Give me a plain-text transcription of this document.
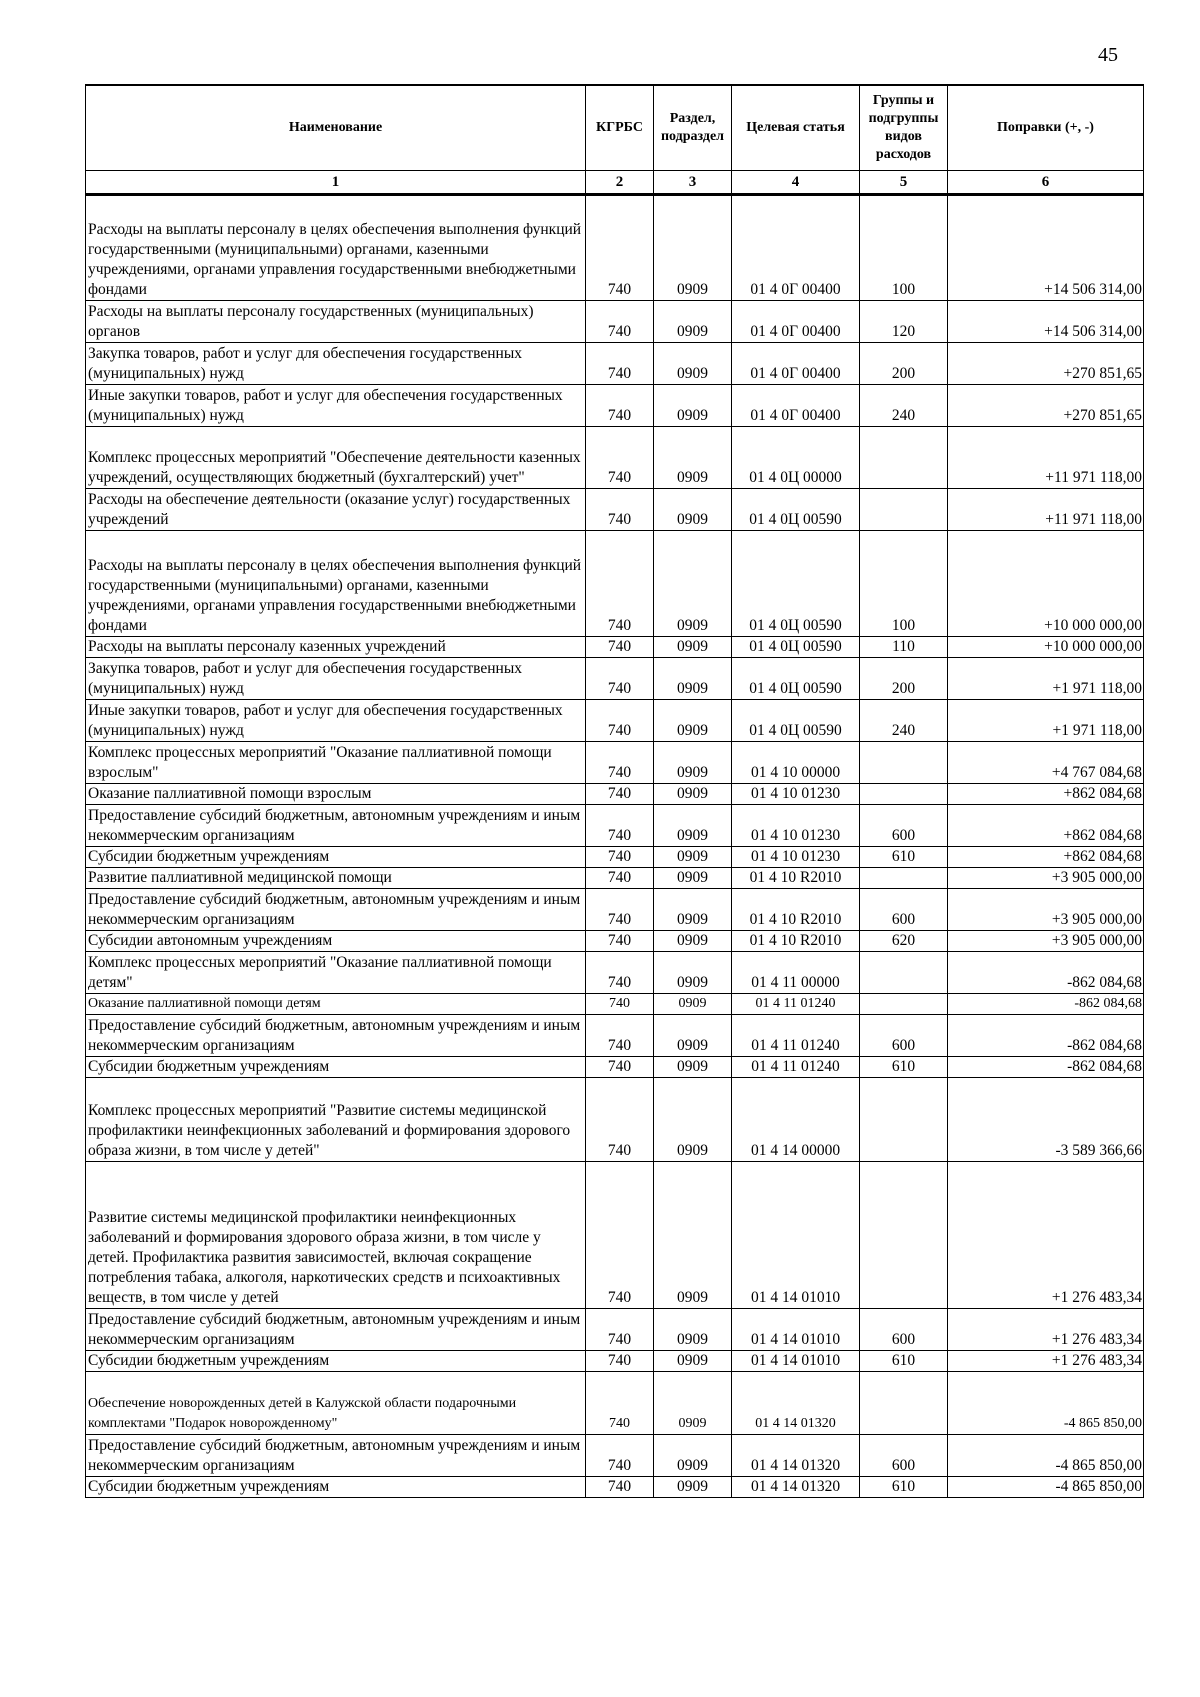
45
Наименование	КГРБС	Раздел, подраздел	Целевая статья	Группы и подгруппы видов расходов	Поправки (+, -)
1	2	3	4	5	6
Расходы на выплаты персоналу в целях обеспечения выполнения функций государственными (муниципальными) органами, казенными учреждениями, органами управления государственными внебюджетными фондами	740	0909	01 4 0Г 00400	100	+14 506 314,00
Расходы на выплаты персоналу государственных (муниципальных) органов	740	0909	01 4 0Г 00400	120	+14 506 314,00
Закупка товаров, работ и услуг для обеспечения государственных (муниципальных) нужд	740	0909	01 4 0Г 00400	200	+270 851,65
Иные закупки товаров, работ и услуг для обеспечения государственных (муниципальных) нужд	740	0909	01 4 0Г 00400	240	+270 851,65
Комплекс процессных мероприятий "Обеспечение деятельности казенных учреждений, осуществляющих бюджетный (бухгалтерский) учет"	740	0909	01 4 0Ц 00000		+11 971 118,00
Расходы на обеспечение деятельности (оказание услуг) государственных учреждений	740	0909	01 4 0Ц 00590		+11 971 118,00
Расходы на выплаты персоналу в целях обеспечения выполнения функций государственными (муниципальными) органами, казенными учреждениями, органами управления государственными внебюджетными фондами	740	0909	01 4 0Ц 00590	100	+10 000 000,00
Расходы на выплаты персоналу казенных учреждений	740	0909	01 4 0Ц 00590	110	+10 000 000,00
Закупка товаров, работ и услуг для обеспечения государственных (муниципальных) нужд	740	0909	01 4 0Ц 00590	200	+1 971 118,00
Иные закупки товаров, работ и услуг для обеспечения государственных (муниципальных) нужд	740	0909	01 4 0Ц 00590	240	+1 971 118,00
Комплекс процессных мероприятий "Оказание паллиативной помощи взрослым"	740	0909	01 4 10 00000		+4 767 084,68
Оказание паллиативной помощи взрослым	740	0909	01 4 10 01230		+862 084,68
Предоставление субсидий бюджетным, автономным учреждениям и иным некоммерческим организациям	740	0909	01 4 10 01230	600	+862 084,68
Субсидии бюджетным учреждениям	740	0909	01 4 10 01230	610	+862 084,68
Развитие паллиативной медицинской помощи	740	0909	01 4 10 R2010		+3 905 000,00
Предоставление субсидий бюджетным, автономным учреждениям и иным некоммерческим организациям	740	0909	01 4 10 R2010	600	+3 905 000,00
Субсидии автономным учреждениям	740	0909	01 4 10 R2010	620	+3 905 000,00
Комплекс процессных мероприятий "Оказание паллиативной помощи детям"	740	0909	01 4 11 00000		-862 084,68
Оказание паллиативной помощи детям	740	0909	01 4 11 01240		-862 084,68
Предоставление субсидий бюджетным, автономным учреждениям и иным некоммерческим организациям	740	0909	01 4 11 01240	600	-862 084,68
Субсидии бюджетным учреждениям	740	0909	01 4 11 01240	610	-862 084,68
Комплекс процессных мероприятий "Развитие системы медицинской профилактики неинфекционных заболеваний и формирования здорового образа жизни, в том числе у детей"	740	0909	01 4 14 00000		-3 589 366,66
Развитие системы медицинской профилактики неинфекционных заболеваний и формирования здорового образа жизни, в том числе у детей. Профилактика развития зависимостей, включая сокращение потребления табака, алкоголя, наркотических средств и психоактивных веществ, в том числе у детей	740	0909	01 4 14 01010		+1 276 483,34
Предоставление субсидий бюджетным, автономным учреждениям и иным некоммерческим организациям	740	0909	01 4 14 01010	600	+1 276 483,34
Субсидии бюджетным учреждениям	740	0909	01 4 14 01010	610	+1 276 483,34
Обеспечение новорожденных детей в Калужской области подарочными комплектами "Подарок новорожденному"	740	0909	01 4 14 01320		-4 865 850,00
Предоставление субсидий бюджетным, автономным учреждениям и иным некоммерческим организациям	740	0909	01 4 14 01320	600	-4 865 850,00
Субсидии бюджетным учреждениям	740	0909	01 4 14 01320	610	-4 865 850,00
